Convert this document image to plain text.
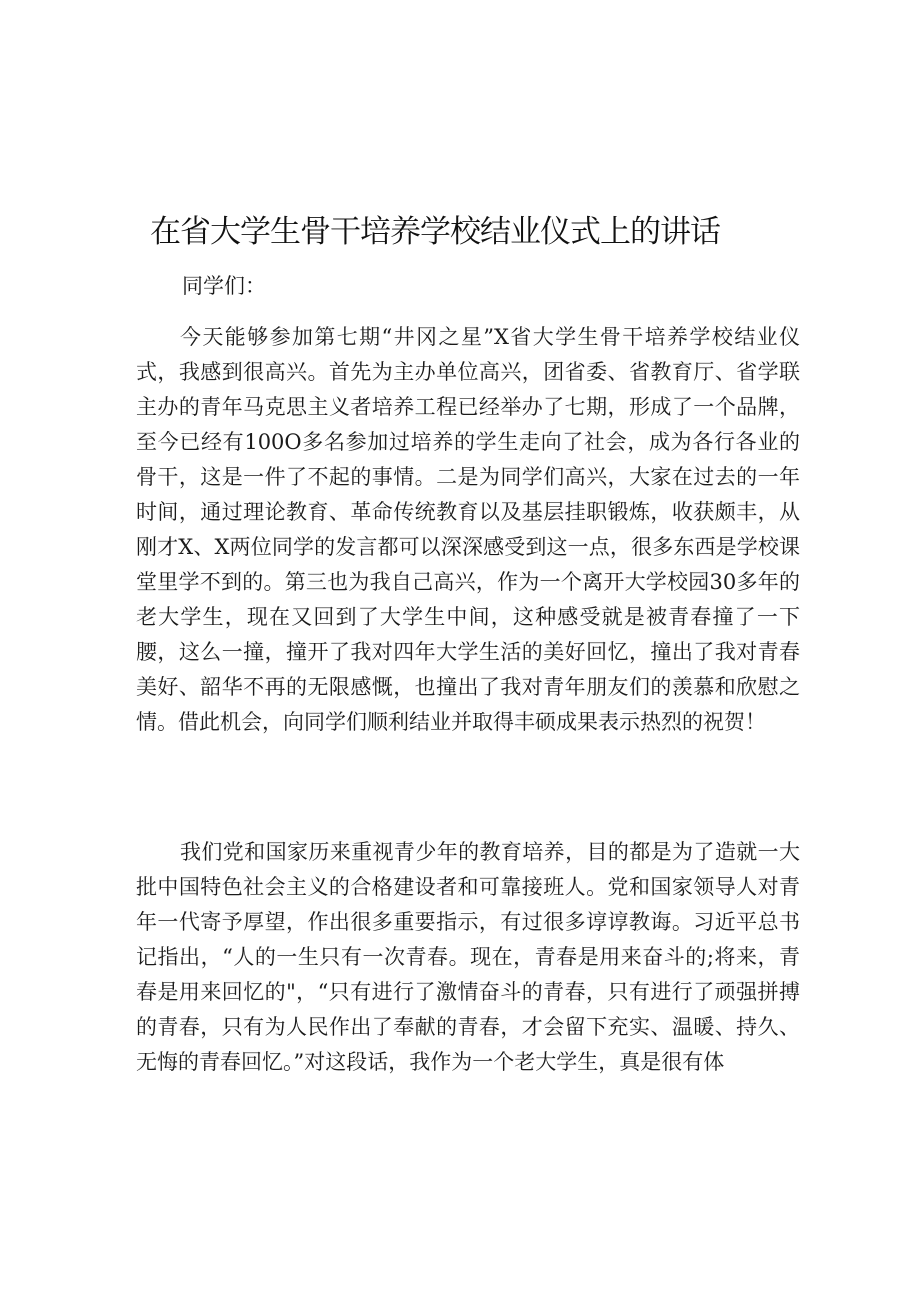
在省大学生骨干培养学校结业仪式上的讲话

同学们：

今天能够参加第七期“井冈之星”X省大学生骨干培养学校结业仪式，我感到很高兴。首先为主办单位高兴，团省委、省教育厅、省学联主办的青年马克思主义者培养工程已经举办了七期，形成了一个品牌，至今已经有100O多名参加过培养的学生走向了社会，成为各行各业的骨干，这是一件了不起的事情。二是为同学们高兴，大家在过去的一年时间，通过理论教育、革命传统教育以及基层挂职锻炼，收获颇丰，从刚才X、X两位同学的发言都可以深深感受到这一点，很多东西是学校课堂里学不到的。第三也为我自己高兴，作为一个离开大学校园30多年的老大学生，现在又回到了大学生中间，这种感受就是被青春撞了一下腰，这么一撞，撞开了我对四年大学生活的美好回忆，撞出了我对青春美好、韶华不再的无限感慨，也撞出了我对青年朋友们的羡慕和欣慰之情。借此机会，向同学们顺利结业并取得丰硕成果表示热烈的祝贺！

我们党和国家历来重视青少年的教育培养，目的都是为了造就一大批中国特色社会主义的合格建设者和可靠接班人。党和国家领导人对青年一代寄予厚望，作出很多重要指示，有过很多谆谆教诲。习近平总书记指出，“人的一生只有一次青春。现在，青春是用来奋斗的;将来，青春是用来回忆的"，“只有进行了激情奋斗的青春，只有进行了顽强拼搏的青春，只有为人民作出了奉献的青春，才会留下充实、温暖、持久、无悔的青春回忆。”对这段话，我作为一个老大学生，真是很有体
